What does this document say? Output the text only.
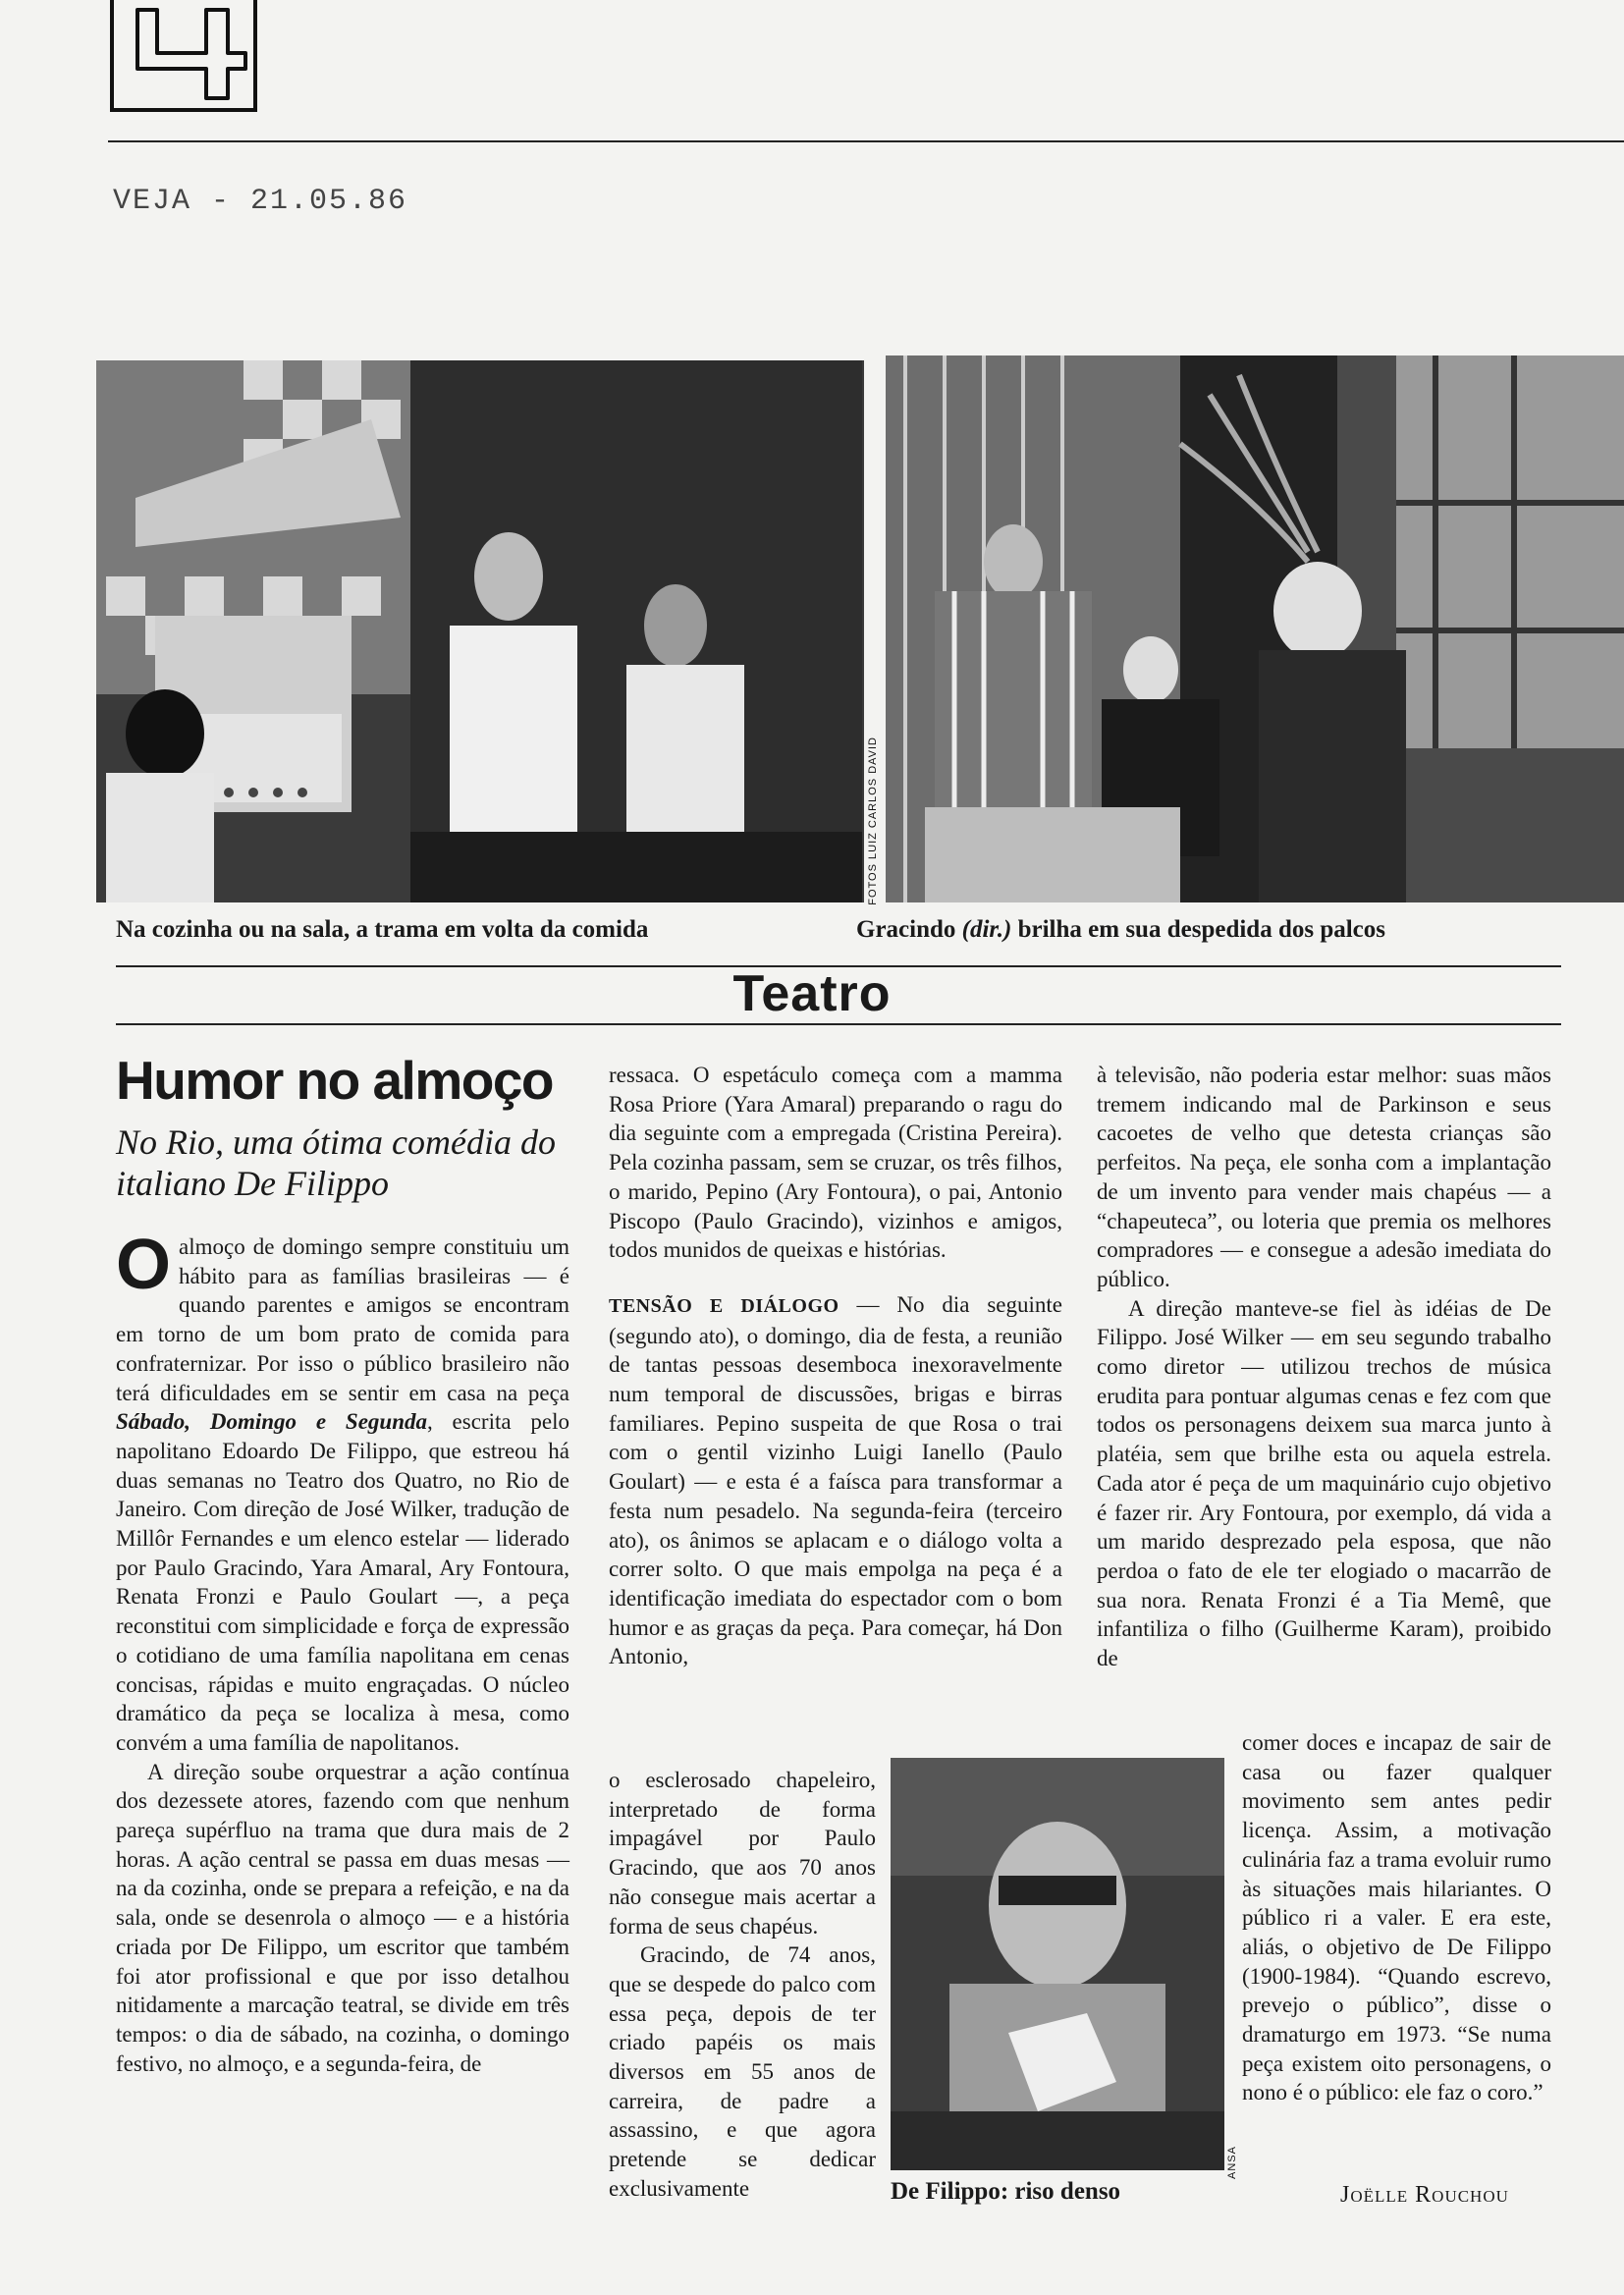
4
VEJA - 21.05.86
FOTOS LUIZ CARLOS DAVID
Na cozinha ou na sala, a trama em volta da comida	Gracindo (dir.) brilha em sua despedida dos palcos
Teatro
Humor no almoço
No Rio, uma ótima comédia do italiano De Filippo

Oalmoço de domingo sempre constituiu um hábito para as famílias brasileiras — é quando parentes e amigos se encontram em torno de um bom prato de comida para confraternizar. Por isso o público brasileiro não terá dificuldades em se sentir em casa na peça Sábado, Domingo e Segunda, escrita pelo napolitano Edoardo De Filippo, que estreou há duas semanas no Teatro dos Quatro, no Rio de Janeiro. Com direção de José Wilker, tradução de Millôr Fernandes e um elenco estelar — liderado por Paulo Gracindo, Yara Amaral, Ary Fontoura, Renata Fronzi e Paulo Goulart —, a peça reconstitui com simplicidade e força de expressão o cotidiano de uma família napolitana em cenas concisas, rápidas e muito engraçadas. O núcleo dramático da peça se localiza à mesa, como convém a uma família de napolitanos.

A direção soube orquestrar a ação contínua dos dezessete atores, fazendo com que nenhum pareça supérfluo na trama que dura mais de 2 horas. A ação central se passa em duas mesas — na da cozinha, onde se prepara a refeição, e na da sala, onde se desenrola o almoço — e a história criada por De Filippo, um escritor que também foi ator profissional e que por isso detalhou nitidamente a marcação teatral, se divide em três tempos: o dia de sábado, na cozinha, o domingo festivo, no almoço, e a segunda-feira, de

ressaca. O espetáculo começa com a mamma Rosa Priore (Yara Amaral) preparando o ragu do dia seguinte com a empregada (Cristina Pereira). Pela cozinha passam, sem se cruzar, os três filhos, o marido, Pepino (Ary Fontoura), o pai, Antonio Piscopo (Paulo Gracindo), vizinhos e amigos, todos munidos de queixas e histórias.

TENSÃO E DIÁLOGO — No dia seguinte (segundo ato), o domingo, dia de festa, a reunião de tantas pessoas desemboca inexoravelmente num temporal de discussões, brigas e birras familiares. Pepino suspeita de que Rosa o trai com o gentil vizinho Luigi Ianello (Paulo Goulart) — e esta é a faísca para transformar a festa num pesadelo. Na segunda-feira (terceiro ato), os ânimos se aplacam e o diálogo volta a correr solto. O que mais empolga na peça é a identificação imediata do espectador com o bom humor e as graças da peça. Para começar, há Don Antonio,

o esclerosado chapeleiro, interpretado de forma impagável por Paulo Gracindo, que aos 70 anos não consegue mais acertar a forma de seus chapéus.

Gracindo, de 74 anos, que se despede do palco com essa peça, depois de ter criado papéis os mais diversos em 55 anos de carreira, de padre a assassino, e que agora pretende se dedicar exclusivamente

ANSA
De Filippo: riso denso

à televisão, não poderia estar melhor: suas mãos tremem indicando mal de Parkinson e seus cacoetes de velho que detesta crianças são perfeitos. Na peça, ele sonha com a implantação de um invento para vender mais chapéus — a “chapeuteca”, ou loteria que premia os melhores compradores — e consegue a adesão imediata do público.

A direção manteve-se fiel às idéias de De Filippo. José Wilker — em seu segundo trabalho como diretor — utilizou trechos de música erudita para pontuar algumas cenas e fez com que todos os personagens deixem sua marca junto à platéia, sem que brilhe esta ou aquela estrela. Cada ator é peça de um maquinário cujo objetivo é fazer rir. Ary Fontoura, por exemplo, dá vida a um marido desprezado pela esposa, que não perdoa o fato de ele ter elogiado o macarrão de sua nora. Renata Fronzi é a Tia Memê, que infantiliza o filho (Guilherme Karam), proibido de

comer doces e incapaz de sair de casa ou fazer qualquer movimento sem antes pedir licença. Assim, a motivação culinária faz a trama evoluir rumo às situações mais hilariantes. O público ri a valer. E era este, aliás, o objetivo de De Filippo (1900-1984). “Quando escrevo, prevejo o público”, disse o dramaturgo em 1973. “Se numa peça existem oito personagens, o nono é o público: ele faz o coro.”

Joëlle Rouchou
